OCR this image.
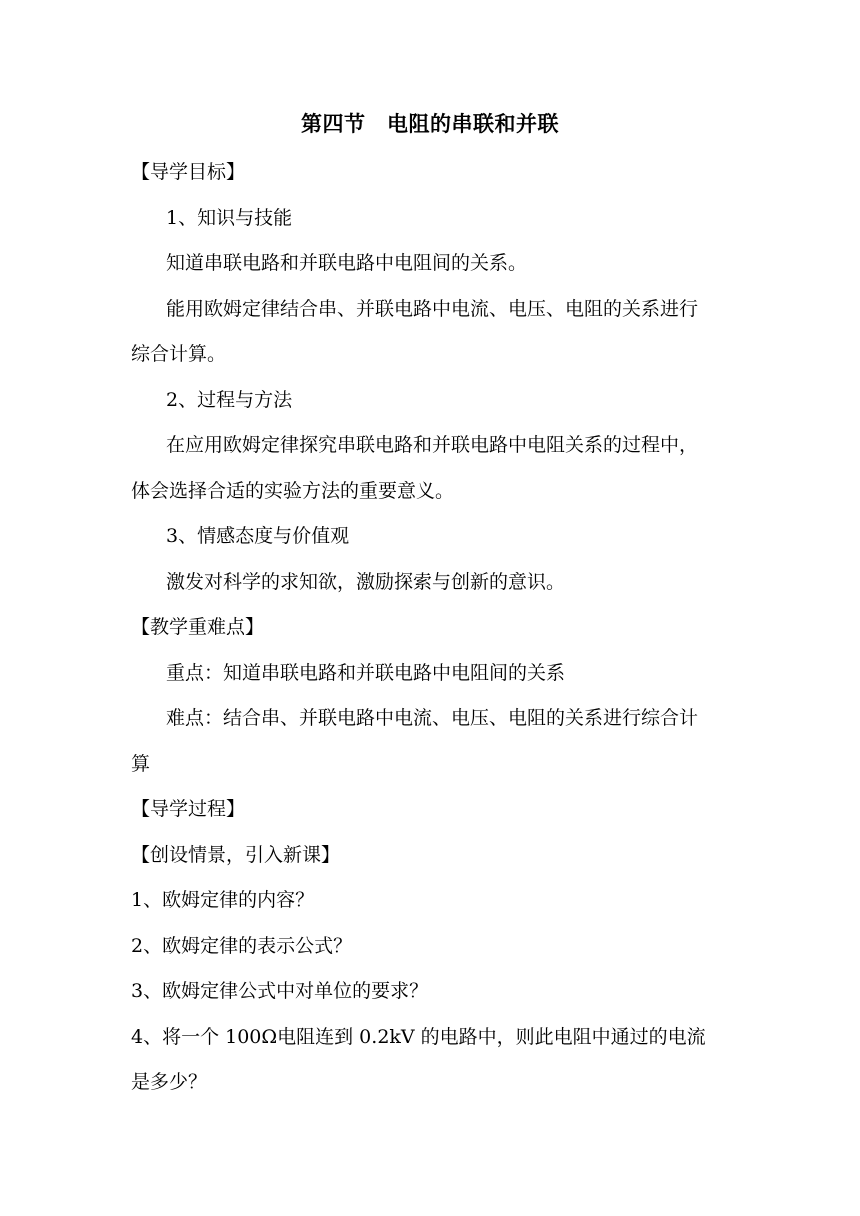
第四节　电阻的串联和并联
【导学目标】
1、知识与技能
知道串联电路和并联电路中电阻间的关系。
能用欧姆定律结合串、并联电路中电流、电压、电阻的关系进行
综合计算。
2、过程与方法
在应用欧姆定律探究串联电路和并联电路中电阻关系的过程中，
体会选择合适的实验方法的重要意义。
3、情感态度与价值观
激发对科学的求知欲，激励探索与创新的意识。
【教学重难点】
重点：知道串联电路和并联电路中电阻间的关系
难点：结合串、并联电路中电流、电压、电阻的关系进行综合计
算
【导学过程】
【创设情景，引入新课】
1、欧姆定律的内容？
2、欧姆定律的表示公式？
3、欧姆定律公式中对单位的要求？
4、将一个 100Ω电阻连到 0.2kV 的电路中，则此电阻中通过的电流
是多少？
